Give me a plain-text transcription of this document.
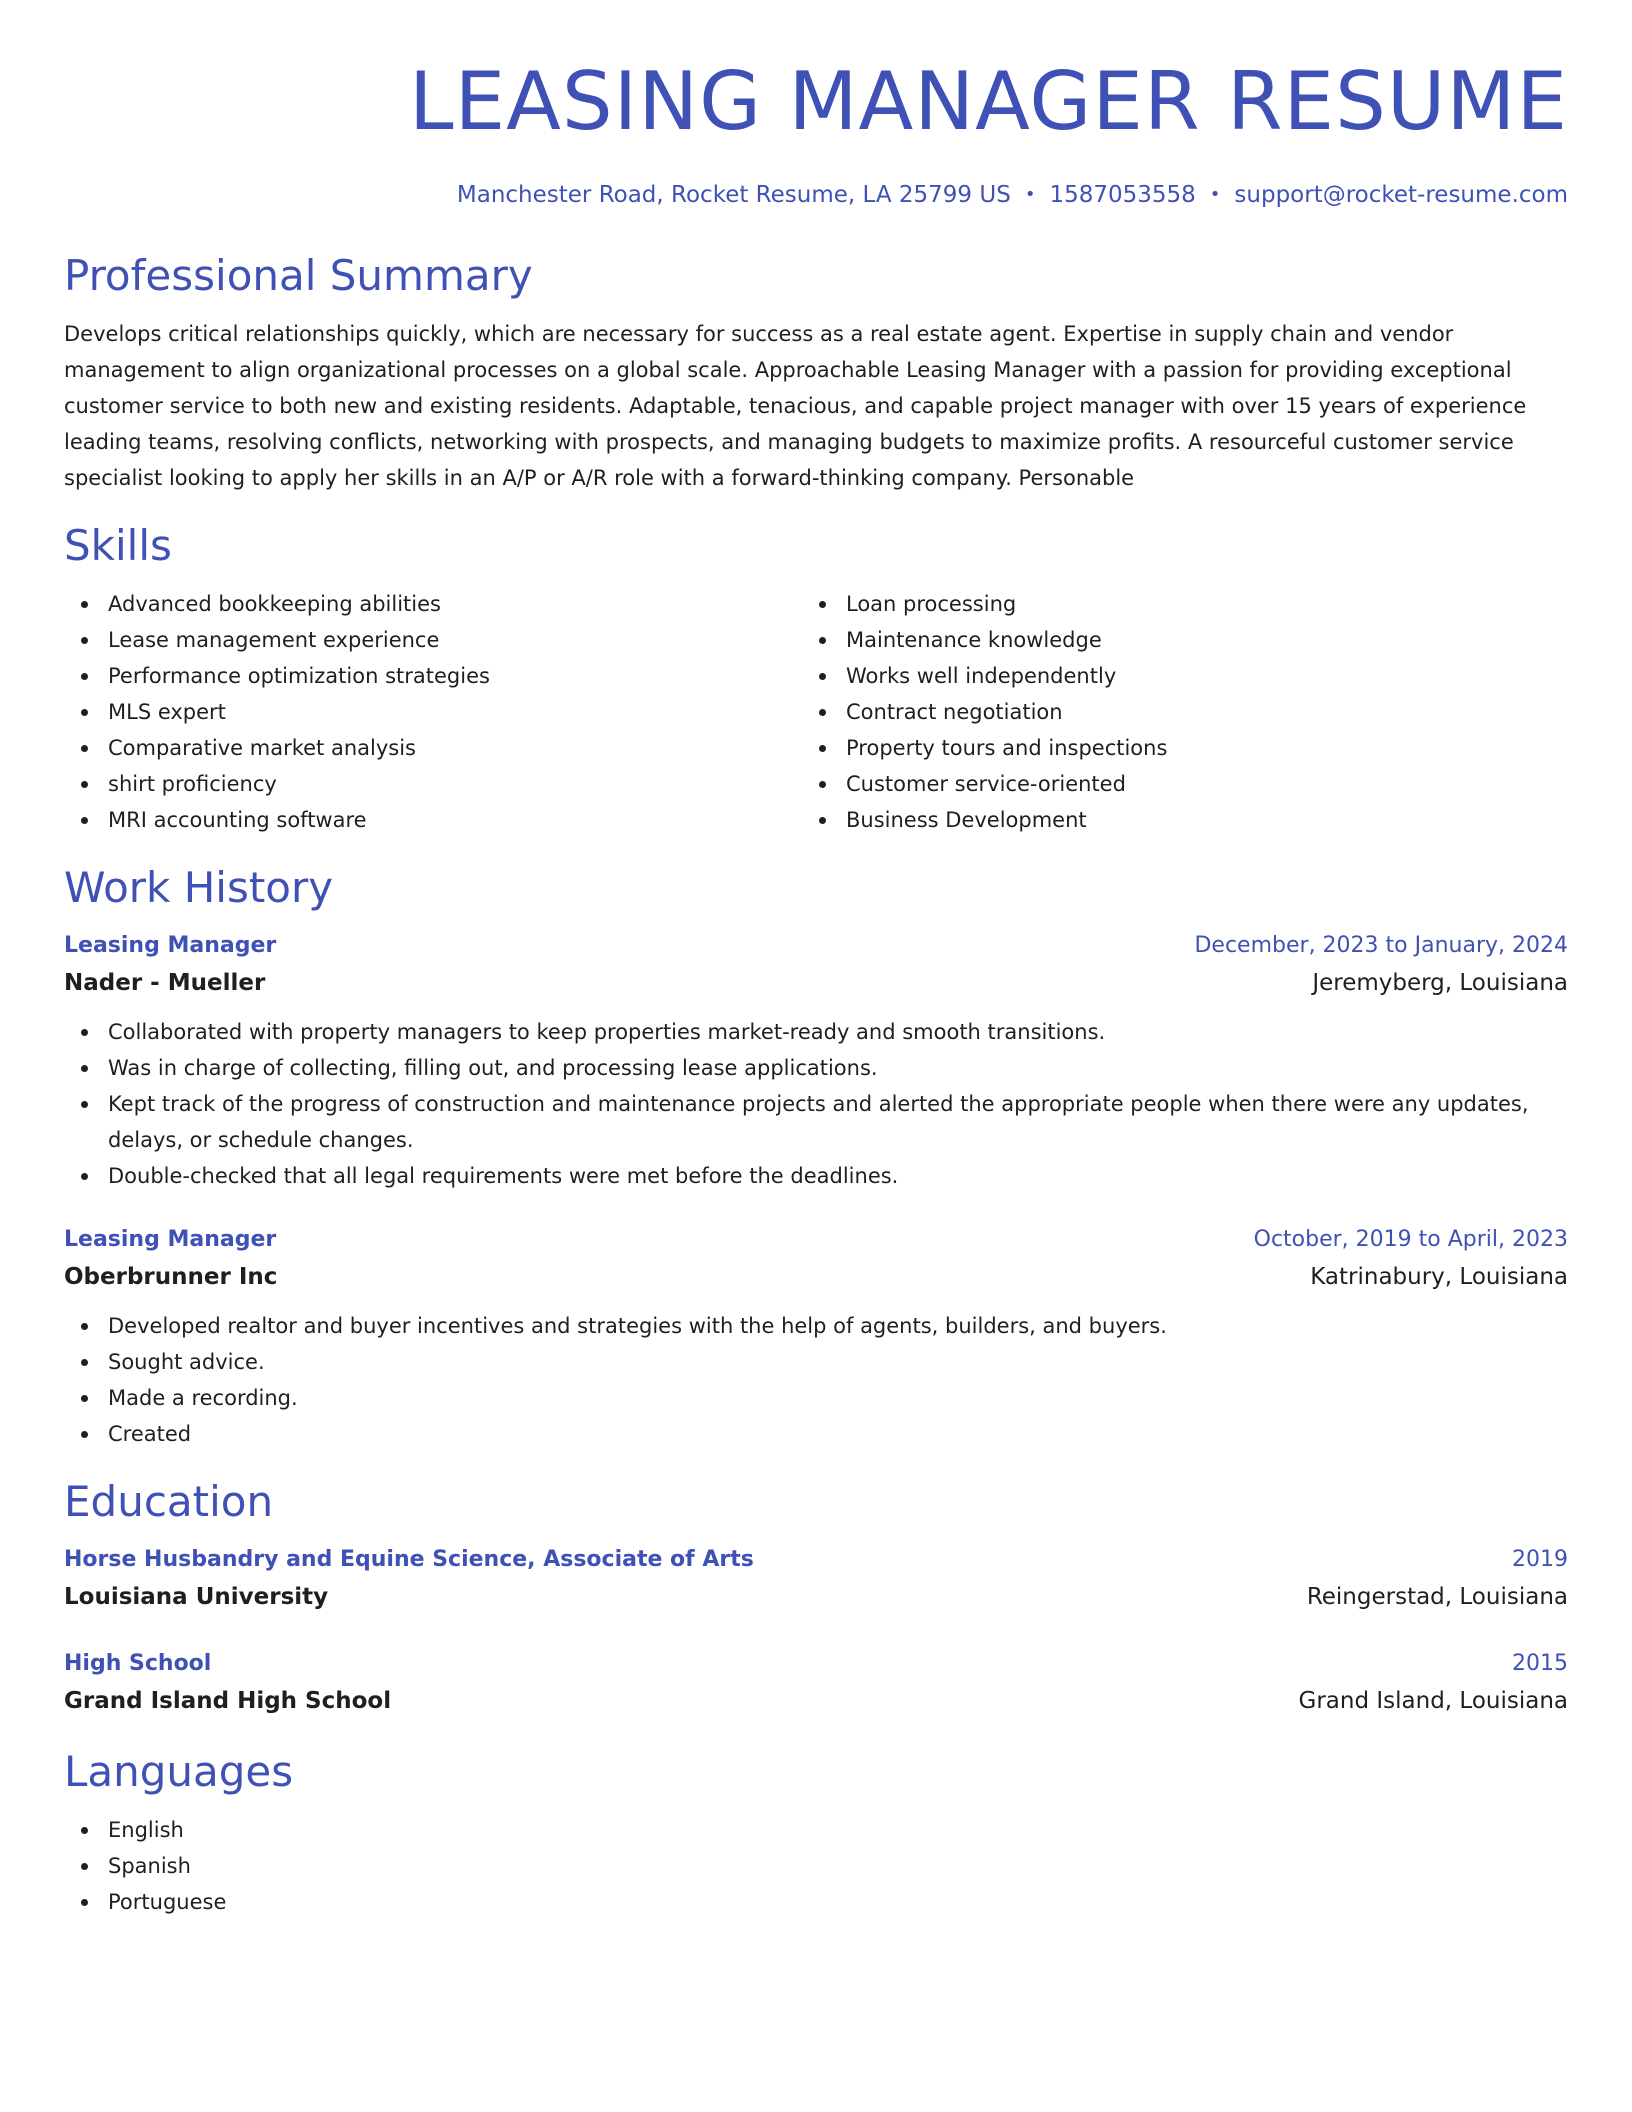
LEASING MANAGER RESUME
Manchester Road, Rocket Resume, LA 25799 US • 1587053558 • support@rocket-resume.com
Professional Summary
Develops critical relationships quickly, which are necessary for success as a real estate agent. Expertise in supply chain and vendor management to align organizational processes on a global scale. Approachable Leasing Manager with a passion for providing exceptional customer service to both new and existing residents. Adaptable, tenacious, and capable project manager with over 15 years of experience leading teams, resolving conflicts, networking with prospects, and managing budgets to maximize profits. A resourceful customer service specialist looking to apply her skills in an A/P or A/R role with a forward-thinking company. Personable
Skills
Advanced bookkeeping abilities
Lease management experience
Performance optimization strategies
MLS expert
Comparative market analysis
shirt proficiency
MRI accounting software
Loan processing
Maintenance knowledge
Works well independently
Contract negotiation
Property tours and inspections
Customer service-oriented
Business Development
Work History
Leasing Manager	December, 2023 to January, 2024
Nader - Mueller	Jeremyberg, Louisiana
Collaborated with property managers to keep properties market-ready and smooth transitions.
Was in charge of collecting, filling out, and processing lease applications.
Kept track of the progress of construction and maintenance projects and alerted the appropriate people when there were any updates, delays, or schedule changes.
Double-checked that all legal requirements were met before the deadlines.
Leasing Manager	October, 2019 to April, 2023
Oberbrunner Inc	Katrinabury, Louisiana
Developed realtor and buyer incentives and strategies with the help of agents, builders, and buyers.
Sought advice.
Made a recording.
Created
Education
Horse Husbandry and Equine Science, Associate of Arts	2019
Louisiana University	Reingerstad, Louisiana
High School	2015
Grand Island High School	Grand Island, Louisiana
Languages
English
Spanish
Portuguese
